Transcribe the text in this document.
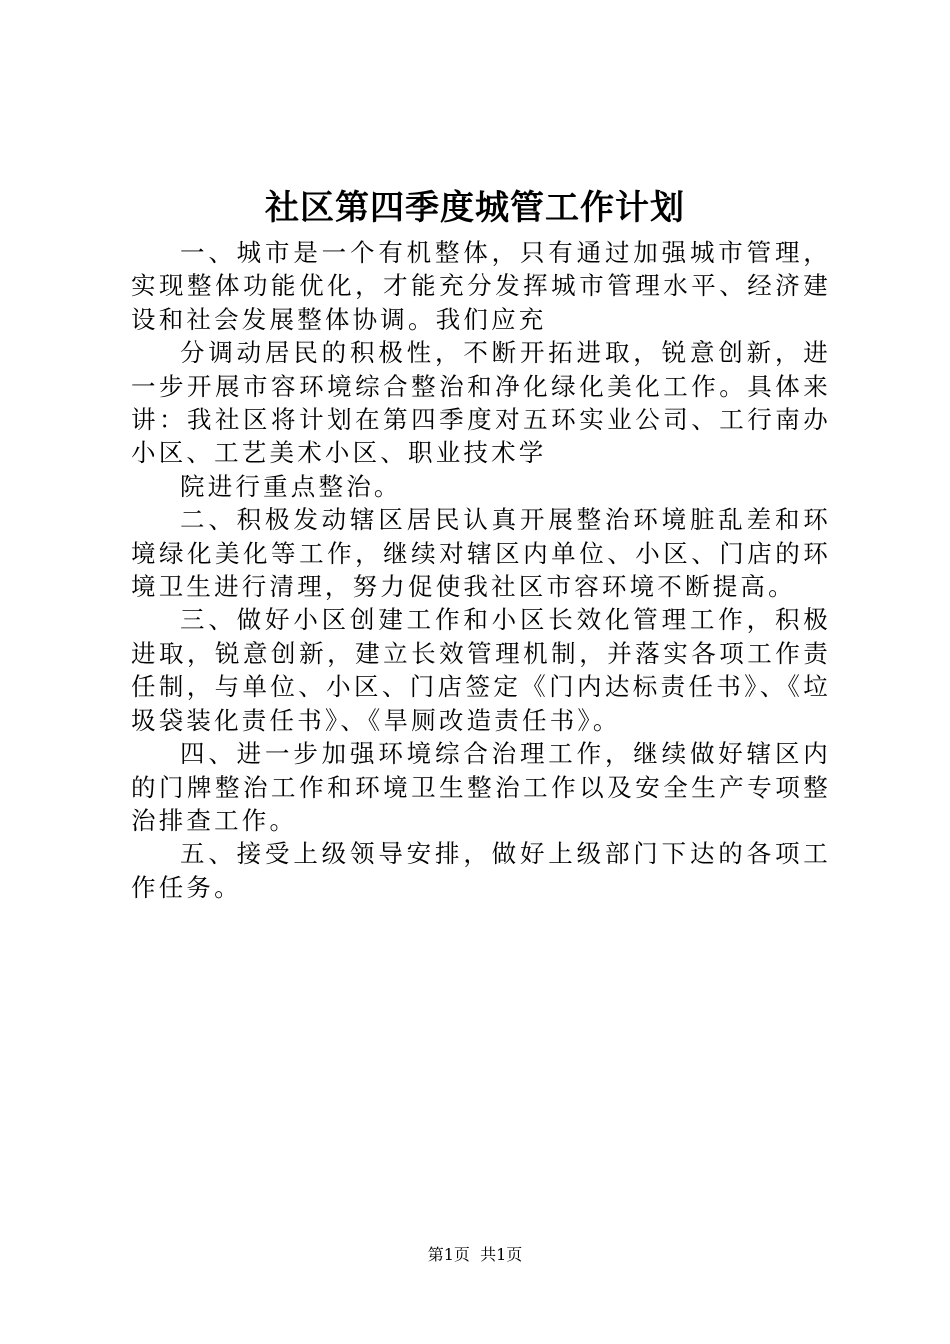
社区第四季度城管工作计划

一、城市是一个有机整体，只有通过加强城市管理，实现整体功能优化，才能充分发挥城市管理水平、经济建设和社会发展整体协调。我们应充

分调动居民的积极性，不断开拓进取，锐意创新，进一步开展市容环境综合整治和净化绿化美化工作。具体来讲：我社区将计划在第四季度对五环实业公司、工行南办小区、工艺美术小区、职业技术学

院进行重点整治。

二、积极发动辖区居民认真开展整治环境脏乱差和环境绿化美化等工作，继续对辖区内单位、小区、门店的环境卫生进行清理，努力促使我社区市容环境不断提高。

三、做好小区创建工作和小区长效化管理工作，积极进取，锐意创新，建立长效管理机制，并落实各项工作责任制，与单位、小区、门店签定《门内达标责任书》、《垃圾袋装化责任书》、《旱厕改造责任书》。

四、进一步加强环境综合治理工作，继续做好辖区内的门牌整治工作和环境卫生整治工作以及安全生产专项整治排查工作。

五、接受上级领导安排，做好上级部门下达的各项工作任务。

第1页  共1页
